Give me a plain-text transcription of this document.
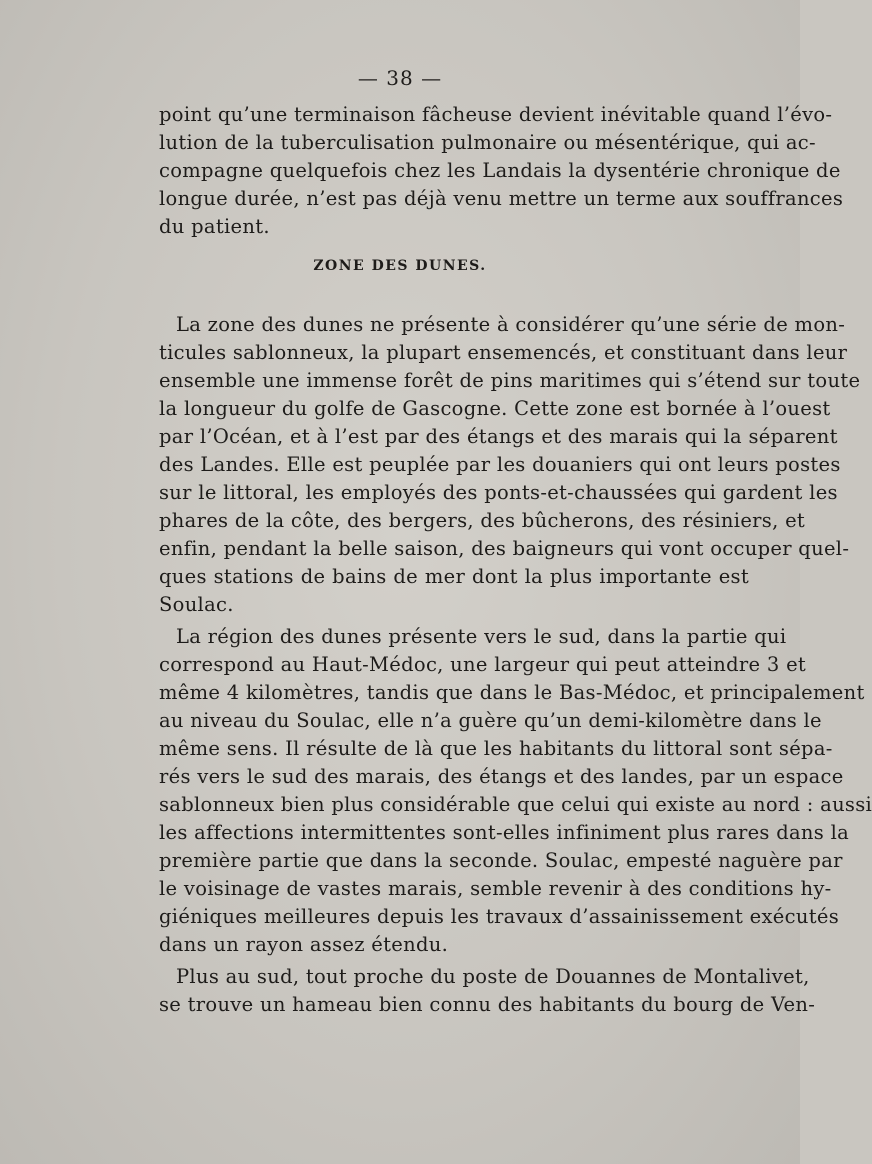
— 38 —
point qu’une terminaison fâcheuse devient inévitable quand l’évo-
lution de la tuberculisation pulmonaire ou mésentérique, qui ac-
compagne quelquefois chez les Landais la dysentérie chronique de
longue durée, n’est pas déjà venu mettre un terme aux souffrances
du patient.
ZONE DES DUNES.
La zone des dunes ne présente à considérer qu’une série de mon-
ticules sablonneux, la plupart ensemencés, et constituant dans leur
ensemble une immense forêt de pins maritimes qui s’étend sur toute
la longueur du golfe de Gascogne. Cette zone est bornée à l’ouest
par l’Océan, et à l’est par des étangs et des marais qui la séparent
des Landes. Elle est peuplée par les douaniers qui ont leurs postes
sur le littoral, les employés des ponts-et-chaussées qui gardent les
phares de la côte, des bergers, des bûcherons, des résiniers, et
enfin, pendant la belle saison, des baigneurs qui vont occuper quel-
ques stations de bains de mer dont la plus importante est
Soulac.
La région des dunes présente vers le sud, dans la partie qui
correspond au Haut-Médoc, une largeur qui peut atteindre 3 et
même 4 kilomètres, tandis que dans le Bas-Médoc, et principalement
au niveau du Soulac, elle n’a guère qu’un demi-kilomètre dans le
même sens. Il résulte de là que les habitants du littoral sont sépa-
rés vers le sud des marais, des étangs et des landes, par un espace
sablonneux bien plus considérable que celui qui existe au nord : aussi
les affections intermittentes sont-elles infiniment plus rares dans la
première partie que dans la seconde. Soulac, empesté naguère par
le voisinage de vastes marais, semble revenir à des conditions hy-
giéniques meilleures depuis les travaux d’assainissement exécutés
dans un rayon assez étendu.
Plus au sud, tout proche du poste de Douannes de Montalivet,
se trouve un hameau bien connu des habitants du bourg de Ven-
